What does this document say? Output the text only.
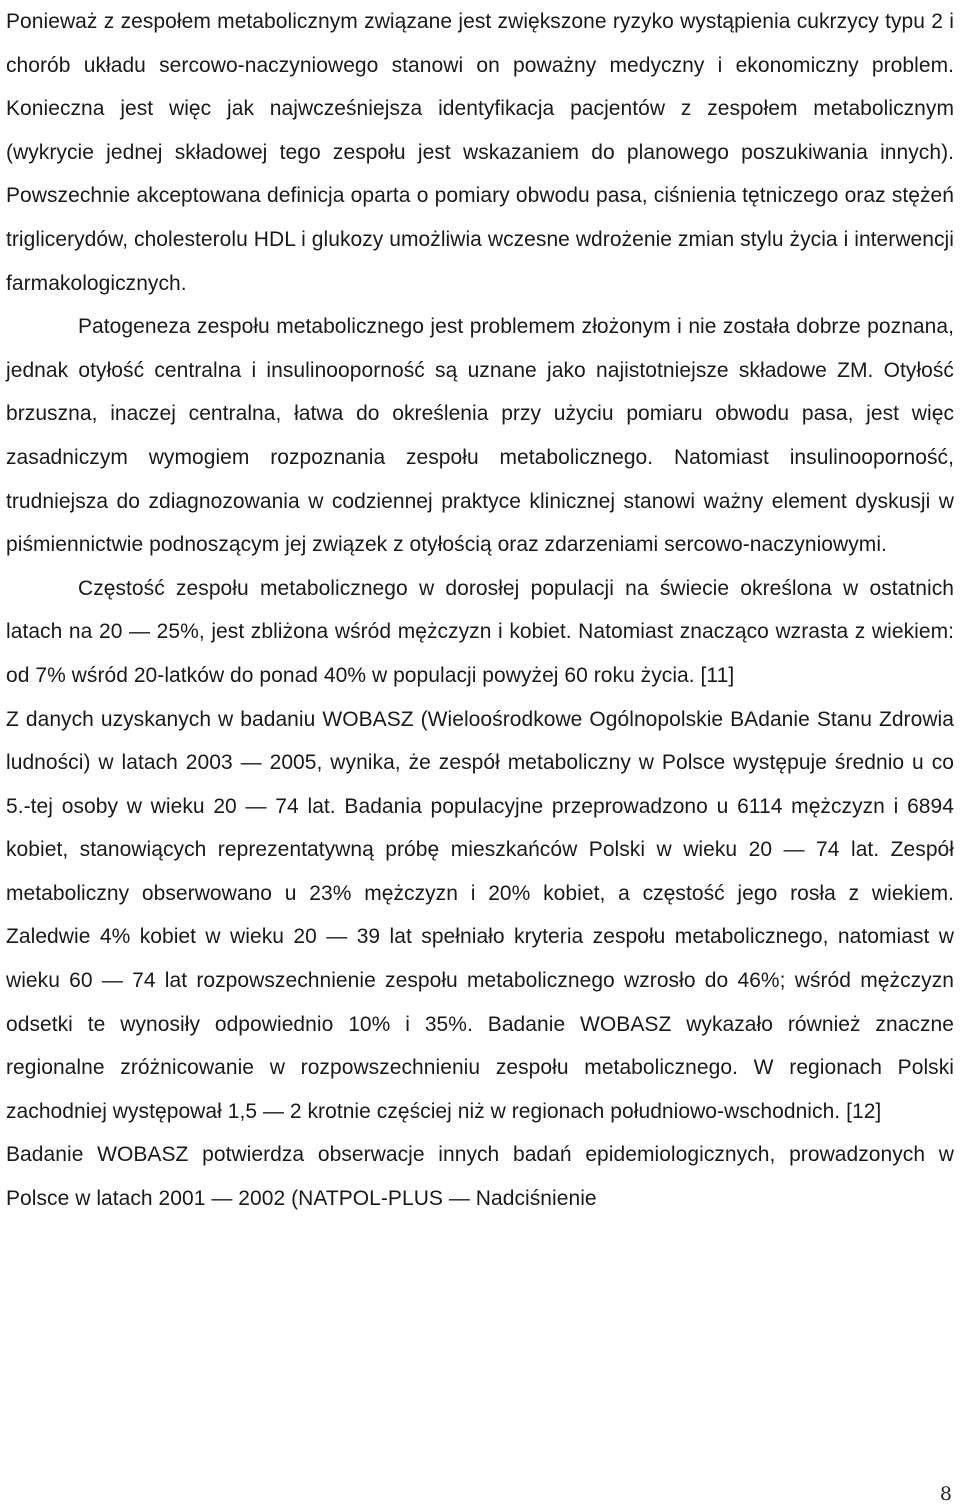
Ponieważ z zespołem metabolicznym związane jest zwiększone ryzyko wystąpienia cukrzycy typu 2 i chorób układu sercowo-naczyniowego stanowi on poważny medyczny i ekonomiczny problem. Konieczna jest więc jak najwcześniejsza identyfikacja pacjentów z zespołem metabolicznym (wykrycie jednej składowej tego zespołu jest wskazaniem do planowego poszukiwania innych). Powszechnie akceptowana definicja oparta o pomiary obwodu pasa, ciśnienia tętniczego oraz stężeń triglicerydów, cholesterolu HDL i glukozy umożliwia wczesne wdrożenie zmian stylu życia i interwencji farmakologicznych.

Patogeneza zespołu metabolicznego jest problemem złożonym i nie została dobrze poznana, jednak otyłość centralna i insulinooporność są uznane jako najistotniejsze składowe ZM. Otyłość brzuszna, inaczej centralna, łatwa do określenia przy użyciu pomiaru obwodu pasa, jest więc zasadniczym wymogiem rozpoznania zespołu metabolicznego. Natomiast insulinooporność, trudniejsza do zdiagnozowania w codziennej praktyce klinicznej stanowi ważny element dyskusji w piśmiennictwie podnoszącym jej związek z otyłością oraz zdarzeniami sercowo-naczyniowymi.

Częstość zespołu metabolicznego w dorosłej populacji na świecie określona w ostatnich latach na 20 — 25%, jest zbliżona wśród mężczyzn i kobiet. Natomiast znacząco wzrasta z wiekiem: od 7% wśród 20-latków do ponad 40% w populacji powyżej 60 roku życia. [11]

Z danych uzyskanych w badaniu WOBASZ (Wieloośrodkowe Ogólnopolskie BAdanie Stanu Zdrowia ludności) w latach 2003 — 2005, wynika, że zespół metaboliczny w Polsce występuje średnio u co 5.-tej osoby w wieku 20 — 74 lat. Badania populacyjne przeprowadzono u 6114 mężczyzn i 6894 kobiet, stanowiących reprezentatywną próbę mieszkańców Polski w wieku 20 — 74 lat. Zespół metaboliczny obserwowano u 23% mężczyzn i 20% kobiet, a częstość jego rosła z wiekiem. Zaledwie 4% kobiet w wieku 20 — 39 lat spełniało kryteria zespołu metabolicznego, natomiast w wieku 60 — 74 lat rozpowszechnienie zespołu metabolicznego wzrosło do 46%; wśród mężczyzn odsetki te wynosiły odpowiednio 10% i 35%. Badanie WOBASZ wykazało również znaczne regionalne zróżnicowanie w rozpowszechnieniu zespołu metabolicznego. W regionach Polski zachodniej występował 1,5 — 2 krotnie częściej niż w regionach południowo-wschodnich. [12]

Badanie WOBASZ potwierdza obserwacje innych badań epidemiologicznych, prowadzonych w Polsce w latach 2001 — 2002 (NATPOL-PLUS — Nadciśnienie

8
